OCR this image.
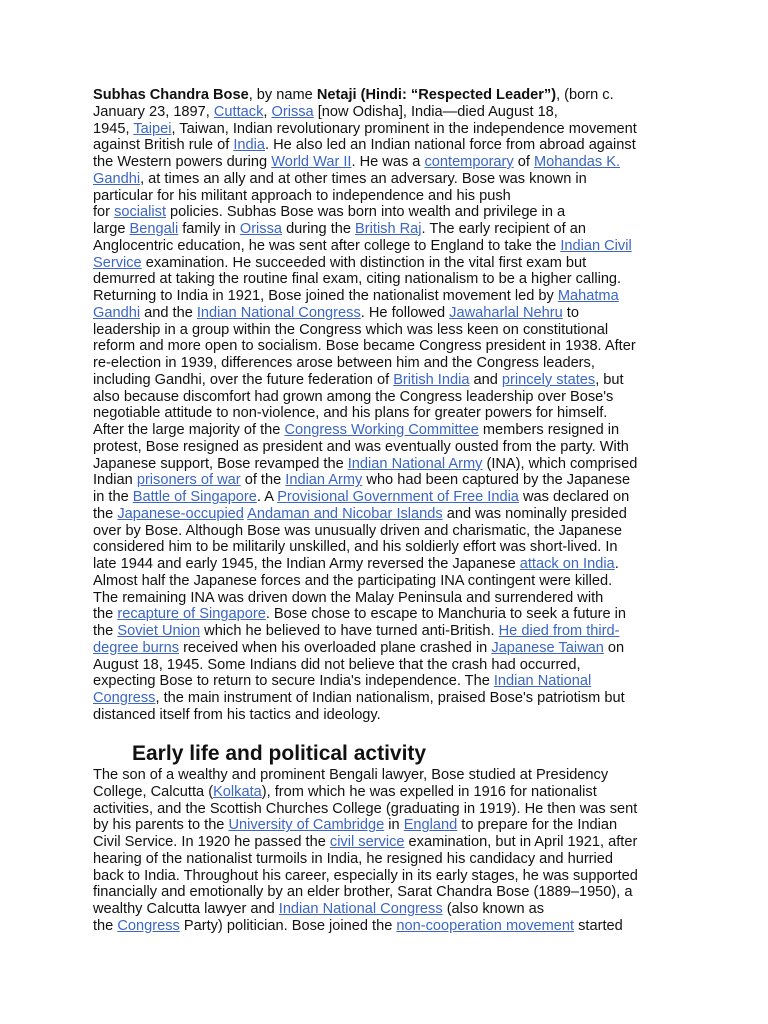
Subhas Chandra Bose, by name Netaji (Hindi: “Respected Leader”), (born c.
January 23, 1897, Cuttack, Orissa [now Odisha], India—died August 18,
1945, Taipei, Taiwan, Indian revolutionary prominent in the independence movement
against British rule of India. He also led an Indian national force from abroad against
the Western powers during World War II. He was a contemporary of Mohandas K.
Gandhi, at times an ally and at other times an adversary. Bose was known in
particular for his militant approach to independence and his push
for socialist policies. Subhas Bose was born into wealth and privilege in a
large Bengali family in Orissa during the British Raj. The early recipient of an
Anglocentric education, he was sent after college to England to take the Indian Civil
Service examination. He succeeded with distinction in the vital first exam but
demurred at taking the routine final exam, citing nationalism to be a higher calling.
Returning to India in 1921, Bose joined the nationalist movement led by Mahatma
Gandhi and the Indian National Congress. He followed Jawaharlal Nehru to
leadership in a group within the Congress which was less keen on constitutional
reform and more open to socialism. Bose became Congress president in 1938. After
re-election in 1939, differences arose between him and the Congress leaders,
including Gandhi, over the future federation of British India and princely states, but
also because discomfort had grown among the Congress leadership over Bose's
negotiable attitude to non-violence, and his plans for greater powers for himself.
After the large majority of the Congress Working Committee members resigned in
protest, Bose resigned as president and was eventually ousted from the party. With
Japanese support, Bose revamped the Indian National Army (INA), which comprised
Indian prisoners of war of the Indian Army who had been captured by the Japanese
in the Battle of Singapore. A Provisional Government of Free India was declared on
the Japanese-occupied Andaman and Nicobar Islands and was nominally presided
over by Bose. Although Bose was unusually driven and charismatic, the Japanese
considered him to be militarily unskilled, and his soldierly effort was short-lived. In
late 1944 and early 1945, the Indian Army reversed the Japanese attack on India.
Almost half the Japanese forces and the participating INA contingent were killed.
The remaining INA was driven down the Malay Peninsula and surrendered with
the recapture of Singapore. Bose chose to escape to Manchuria to seek a future in
the Soviet Union which he believed to have turned anti-British. He died from third-
degree burns received when his overloaded plane crashed in Japanese Taiwan on
August 18, 1945. Some Indians did not believe that the crash had occurred,
expecting Bose to return to secure India's independence. The Indian National
Congress, the main instrument of Indian nationalism, praised Bose's patriotism but
distanced itself from his tactics and ideology.

Early life and political activity

The son of a wealthy and prominent Bengali lawyer, Bose studied at Presidency
College, Calcutta (Kolkata), from which he was expelled in 1916 for nationalist
activities, and the Scottish Churches College (graduating in 1919). He then was sent
by his parents to the University of Cambridge in England to prepare for the Indian
Civil Service. In 1920 he passed the civil service examination, but in April 1921, after
hearing of the nationalist turmoils in India, he resigned his candidacy and hurried
back to India. Throughout his career, especially in its early stages, he was supported
financially and emotionally by an elder brother, Sarat Chandra Bose (1889–1950), a
wealthy Calcutta lawyer and Indian National Congress (also known as
the Congress Party) politician. Bose joined the non-cooperation movement started
